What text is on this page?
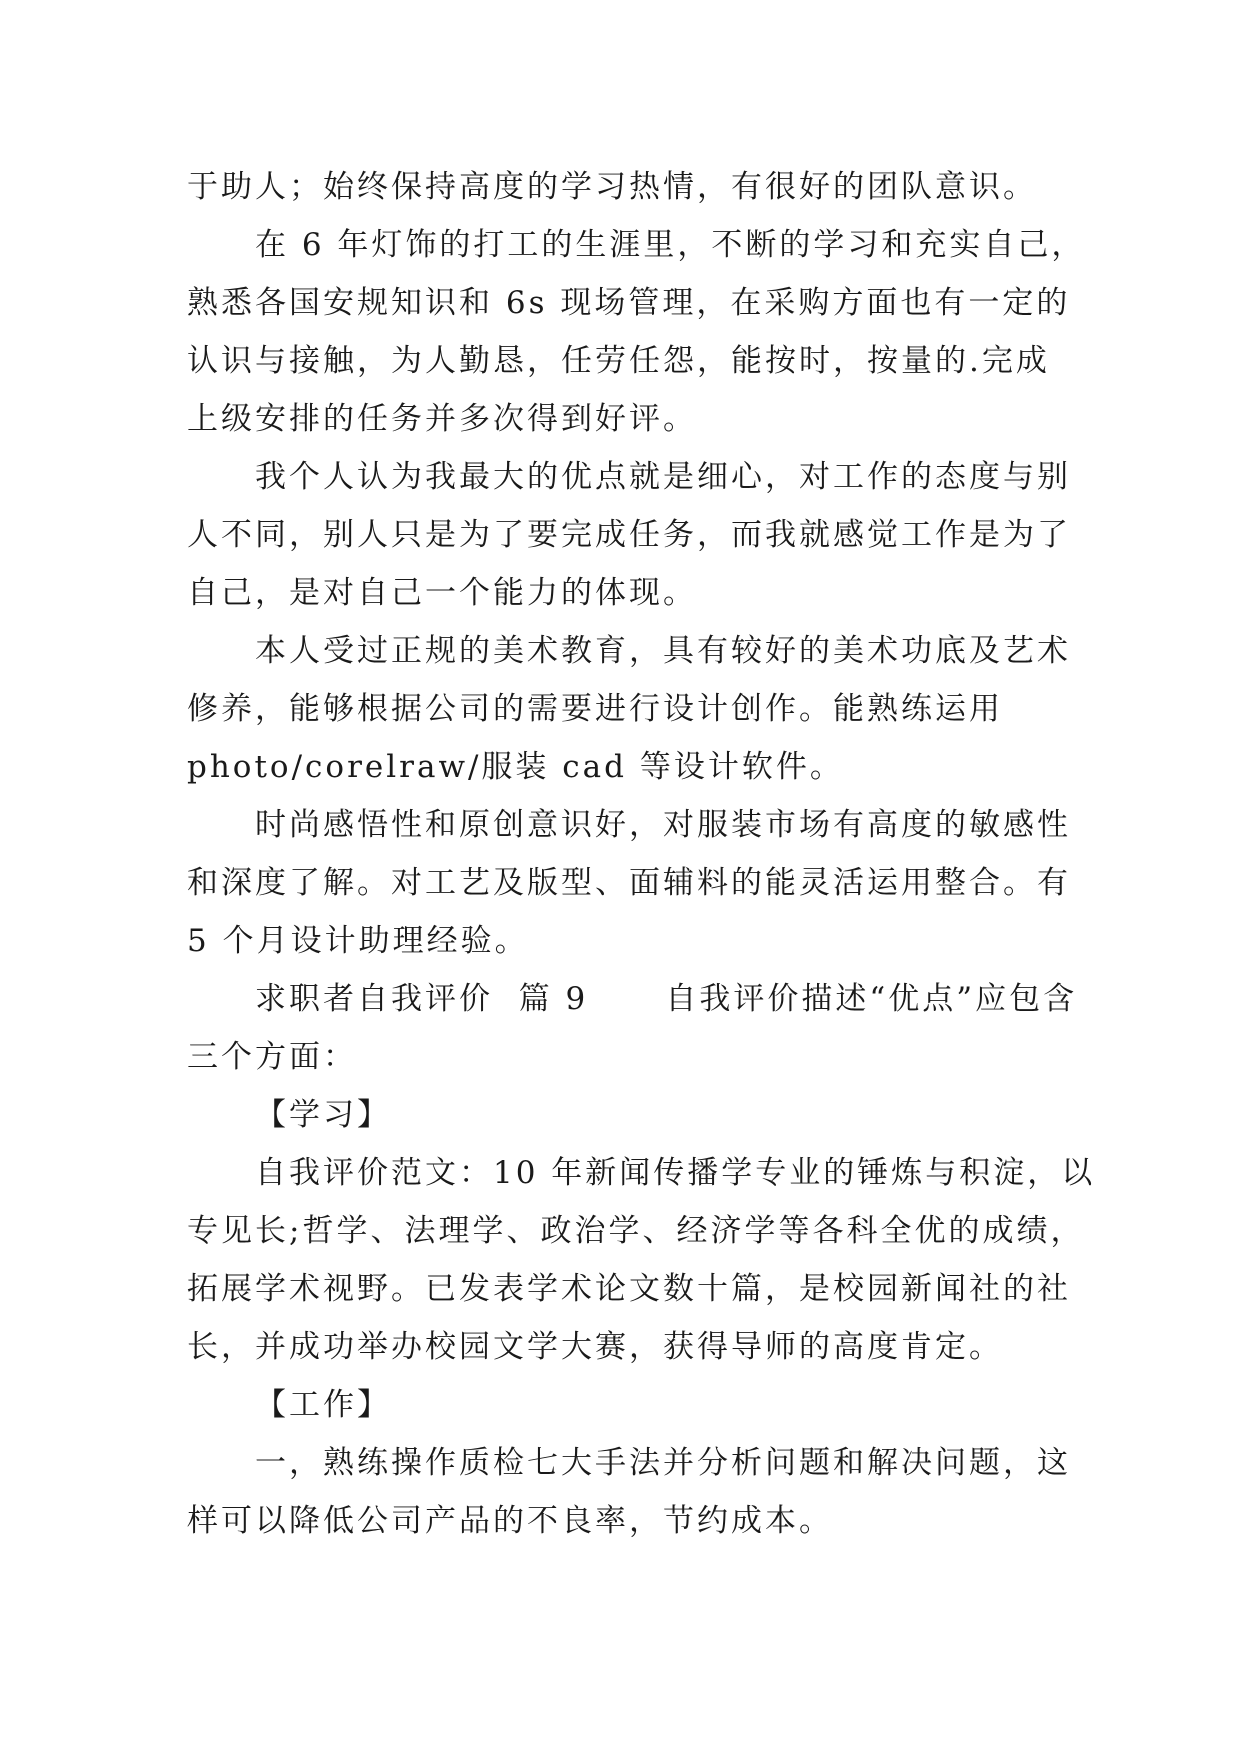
于助人；始终保持高度的学习热情，有很好的团队意识。
在 6 年灯饰的打工的生涯里，不断的学习和充实自己，
熟悉各国安规知识和 6s 现场管理，在采购方面也有一定的
认识与接触，为人勤恳，任劳任怨，能按时，按量的.完成
上级安排的任务并多次得到好评。
我个人认为我最大的优点就是细心，对工作的态度与别
人不同，别人只是为了要完成任务，而我就感觉工作是为了
自己，是对自己一个能力的体现。
本人受过正规的美术教育，具有较好的美术功底及艺术
修养，能够根据公司的需要进行设计创作。能熟练运用
photo/corelraw/服装 cad 等设计软件。
时尚感悟性和原创意识好，对服装市场有高度的敏感性
和深度了解。对工艺及版型、面辅料的能灵活运用整合。有
5 个月设计助理经验。
求职者自我评价  篇 9      自我评价描述“优点”应包含
三个方面：
【学习】
自我评价范文：10 年新闻传播学专业的锤炼与积淀，以
专见长;哲学、法理学、政治学、经济学等各科全优的成绩，
拓展学术视野。已发表学术论文数十篇，是校园新闻社的社
长，并成功举办校园文学大赛，获得导师的高度肯定。
【工作】
一，熟练操作质检七大手法并分析问题和解决问题，这
样可以降低公司产品的不良率，节约成本。
